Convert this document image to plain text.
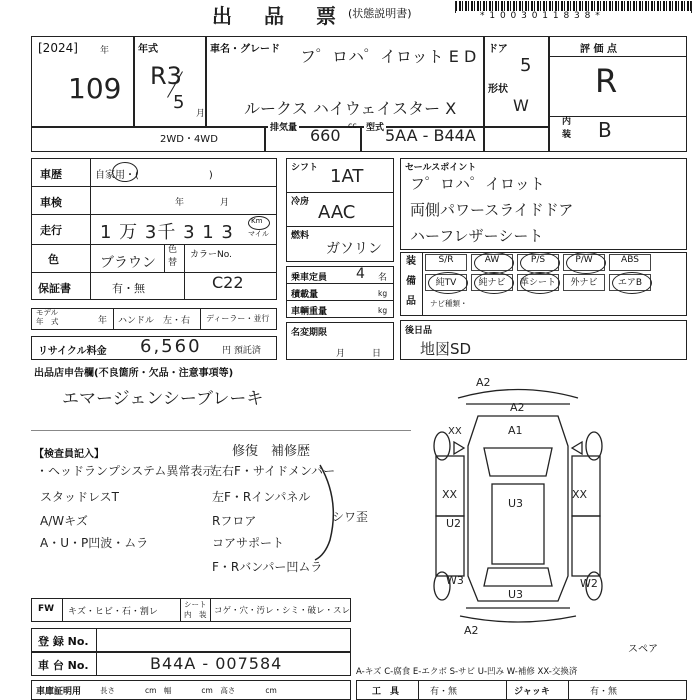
出　品　票 (状態説明書)	* 1 0 0 3 0 1 1 8 3 8 *
[2024] 年
109
年式	車名・グレード
R3
5
月
フ゜ロハ゜イロット E D
ルークス ハイウェイスター X
ドア
5
形状
W
2WD・4WD
排気量 660
cc 型式 5AA - B44A
評 価 点
R
内
装 B
車歴	自家用・(　　　　　　　)
車検	年　　　　月
走行 1 万 3千 3 1 3
Km
マイル
色	ブラウン
色
替
カラーNo.
C22
保証書	有・無
モデル
年　式	年 ハンドル　左・右 ディーラー・並行
リサイクル料金 6,560 円 預託済
シフト 1AT
冷房 AAC
燃料
ガソリン
乗車定員 4 名
積載量	kg
車輌重量	kg
名変期限
月　　　日
セールスポイント
フ゜ロハ゜イロット
両側パワースライドドア
ハーフレザーシート
装
備
品
S/R	AW	P/S	P/W	ABS
純TV	純ナビ	革シート	外ナビ	エアB
ナビ種類・
後日品
地図SD
出品店申告欄(不良箇所・欠品・注意事項等)
エマージェンシーブレーキ
【検査員記入】	修復　補修歴
・ヘッドランプシステム異常表示
スタッドレスT
A/Wキズ
A・U・P凹波・ムラ
左右F・サイドメンバー
左F・Rインパネル
Rフロア
コアサポート
F・Rバンパー凹ムラ
シワ歪
A2
A2
XX	A1
XX
U3
XX
U2
W3
U3
W2
A2
スペア
FW キズ・ヒビ・石・割レ
シート
内　装 コゲ・穴・汚レ・シミ・破レ・スレ
登 録 No.
車 台 No.	B44A - 007584
車庫証明用	長さ　　　　cm　幅　　　　cm　高さ　　　　cm
A-キズ C-腐食 E-エクボ S-サビ U-凹み W-補修 XX-交換済
工　具	有・無	ジャッキ	有・無
